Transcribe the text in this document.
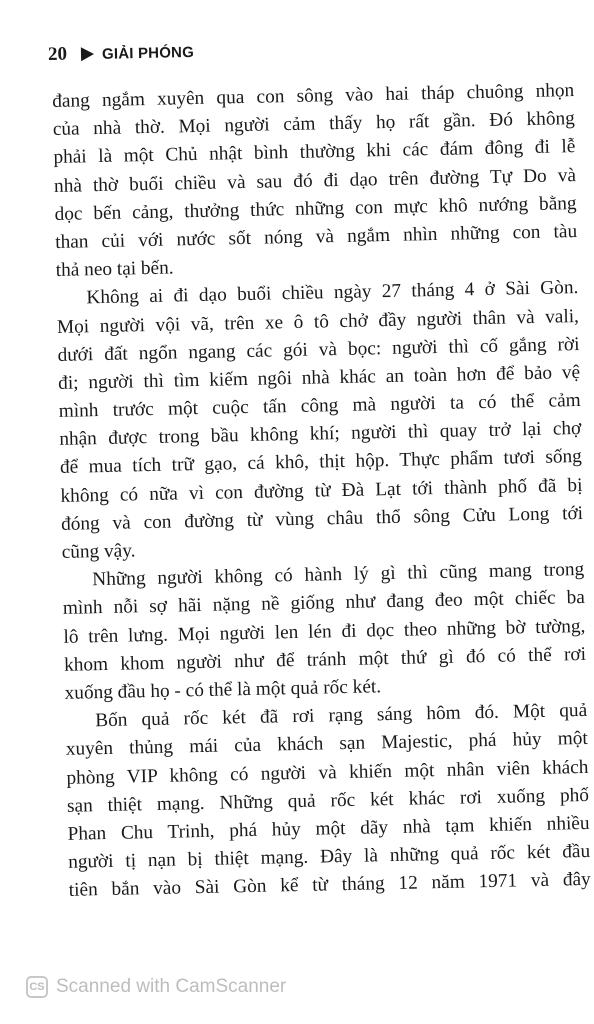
20 GIẢI PHÓNG
đang ngắm xuyên qua con sông vào hai tháp chuông nhọn
của nhà thờ. Mọi người cảm thấy họ rất gần. Đó không
phải là một Chủ nhật bình thường khi các đám đông đi lễ
nhà thờ buổi chiều và sau đó đi dạo trên đường Tự Do và
dọc bến cảng, thưởng thức những con mực khô nướng bằng
than củi với nước sốt nóng và ngắm nhìn những con tàu
thả neo tại bến.
Không ai đi dạo buổi chiều ngày 27 tháng 4 ở Sài Gòn.
Mọi người vội vã, trên xe ô tô chở đầy người thân và vali,
dưới đất ngổn ngang các gói và bọc: người thì cố gắng rời
đi; người thì tìm kiếm ngôi nhà khác an toàn hơn để bảo vệ
mình trước một cuộc tấn công mà người ta có thể cảm
nhận được trong bầu không khí; người thì quay trở lại chợ
để mua tích trữ gạo, cá khô, thịt hộp. Thực phẩm tươi sống
không có nữa vì con đường từ Đà Lạt tới thành phố đã bị
đóng và con đường từ vùng châu thổ sông Cửu Long tới
cũng vậy.
Những người không có hành lý gì thì cũng mang trong
mình nỗi sợ hãi nặng nề giống như đang đeo một chiếc ba
lô trên lưng. Mọi người len lén đi dọc theo những bờ tường,
khom khom người như để tránh một thứ gì đó có thể rơi
xuống đầu họ - có thể là một quả rốc két.
Bốn quả rốc két đã rơi rạng sáng hôm đó. Một quả
xuyên thủng mái của khách sạn Majestic, phá hủy một
phòng VIP không có người và khiến một nhân viên khách
sạn thiệt mạng. Những quả rốc két khác rơi xuống phố
Phan Chu Trinh, phá hủy một dãy nhà tạm khiến nhiều
người tị nạn bị thiệt mạng. Đây là những quả rốc két đầu
tiên bắn vào Sài Gòn kể từ tháng 12 năm 1971 và đây
CS Scanned with CamScanner
